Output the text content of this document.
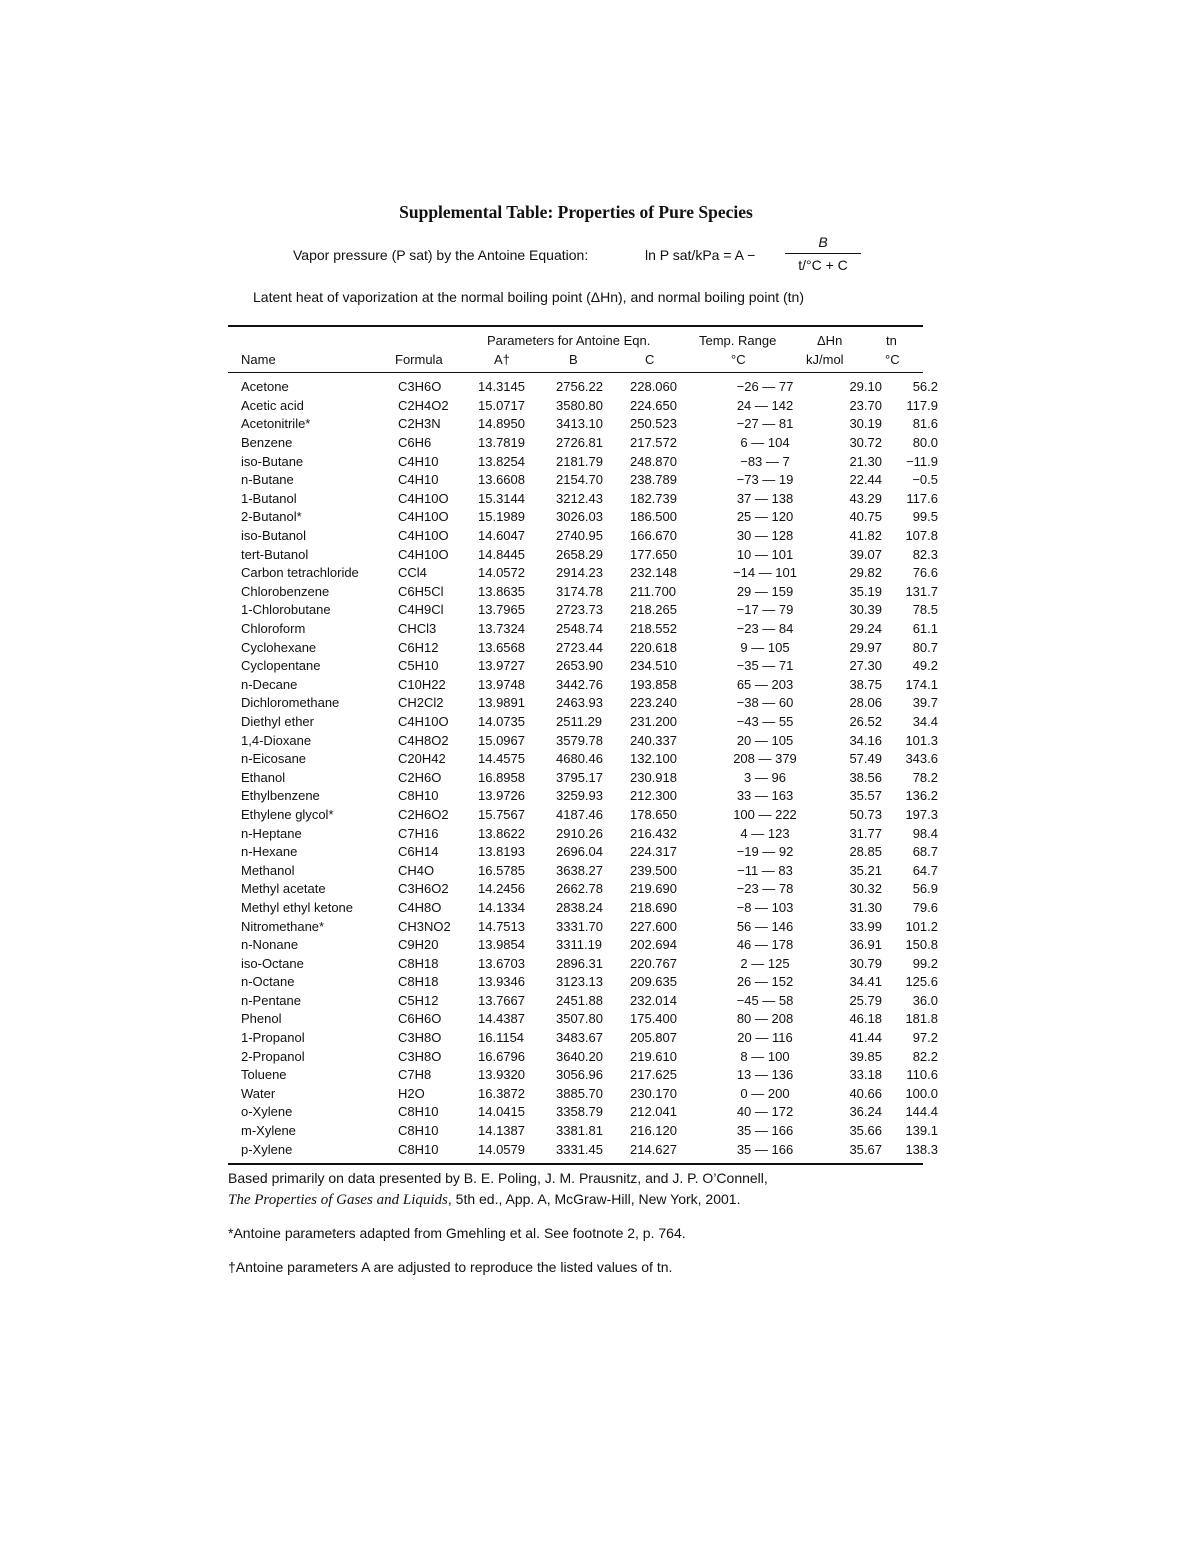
Supplemental Table: Properties of Pure Species
Vapor pressure (P sat) by the Antoine Equation:	ln P sat/kPa = A −
B
t/°C + C
Latent heat of vaporization at the normal boiling point (ΔHn), and normal boiling point (tn)
Parameters for Antoine Eqn.	Temp. Range	ΔHn	tn
Name	Formula	A†	B	C	°C	kJ/mol	°C
Acetone	C3H6O	14.3145	2756.22	228.060	−26 — 77	29.10	56.2
Acetic acid	C2H4O2	15.0717	3580.80	224.650	24 — 142	23.70	117.9
Acetonitrile*	C2H3N	14.8950	3413.10	250.523	−27 — 81	30.19	81.6
Benzene	C6H6	13.7819	2726.81	217.572	6 — 104	30.72	80.0
iso-Butane	C4H10	13.8254	2181.79	248.870	−83 — 7	21.30	−11.9
n-Butane	C4H10	13.6608	2154.70	238.789	−73 — 19	22.44	−0.5
1-Butanol	C4H10O	15.3144	3212.43	182.739	37 — 138	43.29	117.6
2-Butanol*	C4H10O	15.1989	3026.03	186.500	25 — 120	40.75	99.5
iso-Butanol	C4H10O	14.6047	2740.95	166.670	30 — 128	41.82	107.8
tert-Butanol	C4H10O	14.8445	2658.29	177.650	10 — 101	39.07	82.3
Carbon tetrachloride	CCl4	14.0572	2914.23	232.148	−14 — 101	29.82	76.6
Chlorobenzene	C6H5Cl	13.8635	3174.78	211.700	29 — 159	35.19	131.7
1-Chlorobutane	C4H9Cl	13.7965	2723.73	218.265	−17 — 79	30.39	78.5
Chloroform	CHCl3	13.7324	2548.74	218.552	−23 — 84	29.24	61.1
Cyclohexane	C6H12	13.6568	2723.44	220.618	9 — 105	29.97	80.7
Cyclopentane	C5H10	13.9727	2653.90	234.510	−35 — 71	27.30	49.2
n-Decane	C10H22	13.9748	3442.76	193.858	65 — 203	38.75	174.1
Dichloromethane	CH2Cl2	13.9891	2463.93	223.240	−38 — 60	28.06	39.7
Diethyl ether	C4H10O	14.0735	2511.29	231.200	−43 — 55	26.52	34.4
1,4-Dioxane	C4H8O2	15.0967	3579.78	240.337	20 — 105	34.16	101.3
n-Eicosane	C20H42	14.4575	4680.46	132.100	208 — 379	57.49	343.6
Ethanol	C2H6O	16.8958	3795.17	230.918	3 — 96	38.56	78.2
Ethylbenzene	C8H10	13.9726	3259.93	212.300	33 — 163	35.57	136.2
Ethylene glycol*	C2H6O2	15.7567	4187.46	178.650	100 — 222	50.73	197.3
n-Heptane	C7H16	13.8622	2910.26	216.432	4 — 123	31.77	98.4
n-Hexane	C6H14	13.8193	2696.04	224.317	−19 — 92	28.85	68.7
Methanol	CH4O	16.5785	3638.27	239.500	−11 — 83	35.21	64.7
Methyl acetate	C3H6O2	14.2456	2662.78	219.690	−23 — 78	30.32	56.9
Methyl ethyl ketone	C4H8O	14.1334	2838.24	218.690	−8 — 103	31.30	79.6
Nitromethane*	CH3NO2	14.7513	3331.70	227.600	56 — 146	33.99	101.2
n-Nonane	C9H20	13.9854	3311.19	202.694	46 — 178	36.91	150.8
iso-Octane	C8H18	13.6703	2896.31	220.767	2 — 125	30.79	99.2
n-Octane	C8H18	13.9346	3123.13	209.635	26 — 152	34.41	125.6
n-Pentane	C5H12	13.7667	2451.88	232.014	−45 — 58	25.79	36.0
Phenol	C6H6O	14.4387	3507.80	175.400	80 — 208	46.18	181.8
1-Propanol	C3H8O	16.1154	3483.67	205.807	20 — 116	41.44	97.2
2-Propanol	C3H8O	16.6796	3640.20	219.610	8 — 100	39.85	82.2
Toluene	C7H8	13.9320	3056.96	217.625	13 — 136	33.18	110.6
Water	H2O	16.3872	3885.70	230.170	0 — 200	40.66	100.0
o-Xylene	C8H10	14.0415	3358.79	212.041	40 — 172	36.24	144.4
m-Xylene	C8H10	14.1387	3381.81	216.120	35 — 166	35.66	139.1
p-Xylene	C8H10	14.0579	3331.45	214.627	35 — 166	35.67	138.3
Based primarily on data presented by B. E. Poling, J. M. Prausnitz, and J. P. O’Connell,
The Properties of Gases and Liquids, 5th ed., App. A, McGraw-Hill, New York, 2001.
*Antoine parameters adapted from Gmehling et al. See footnote 2, p. 764.
†Antoine parameters A are adjusted to reproduce the listed values of tn.
